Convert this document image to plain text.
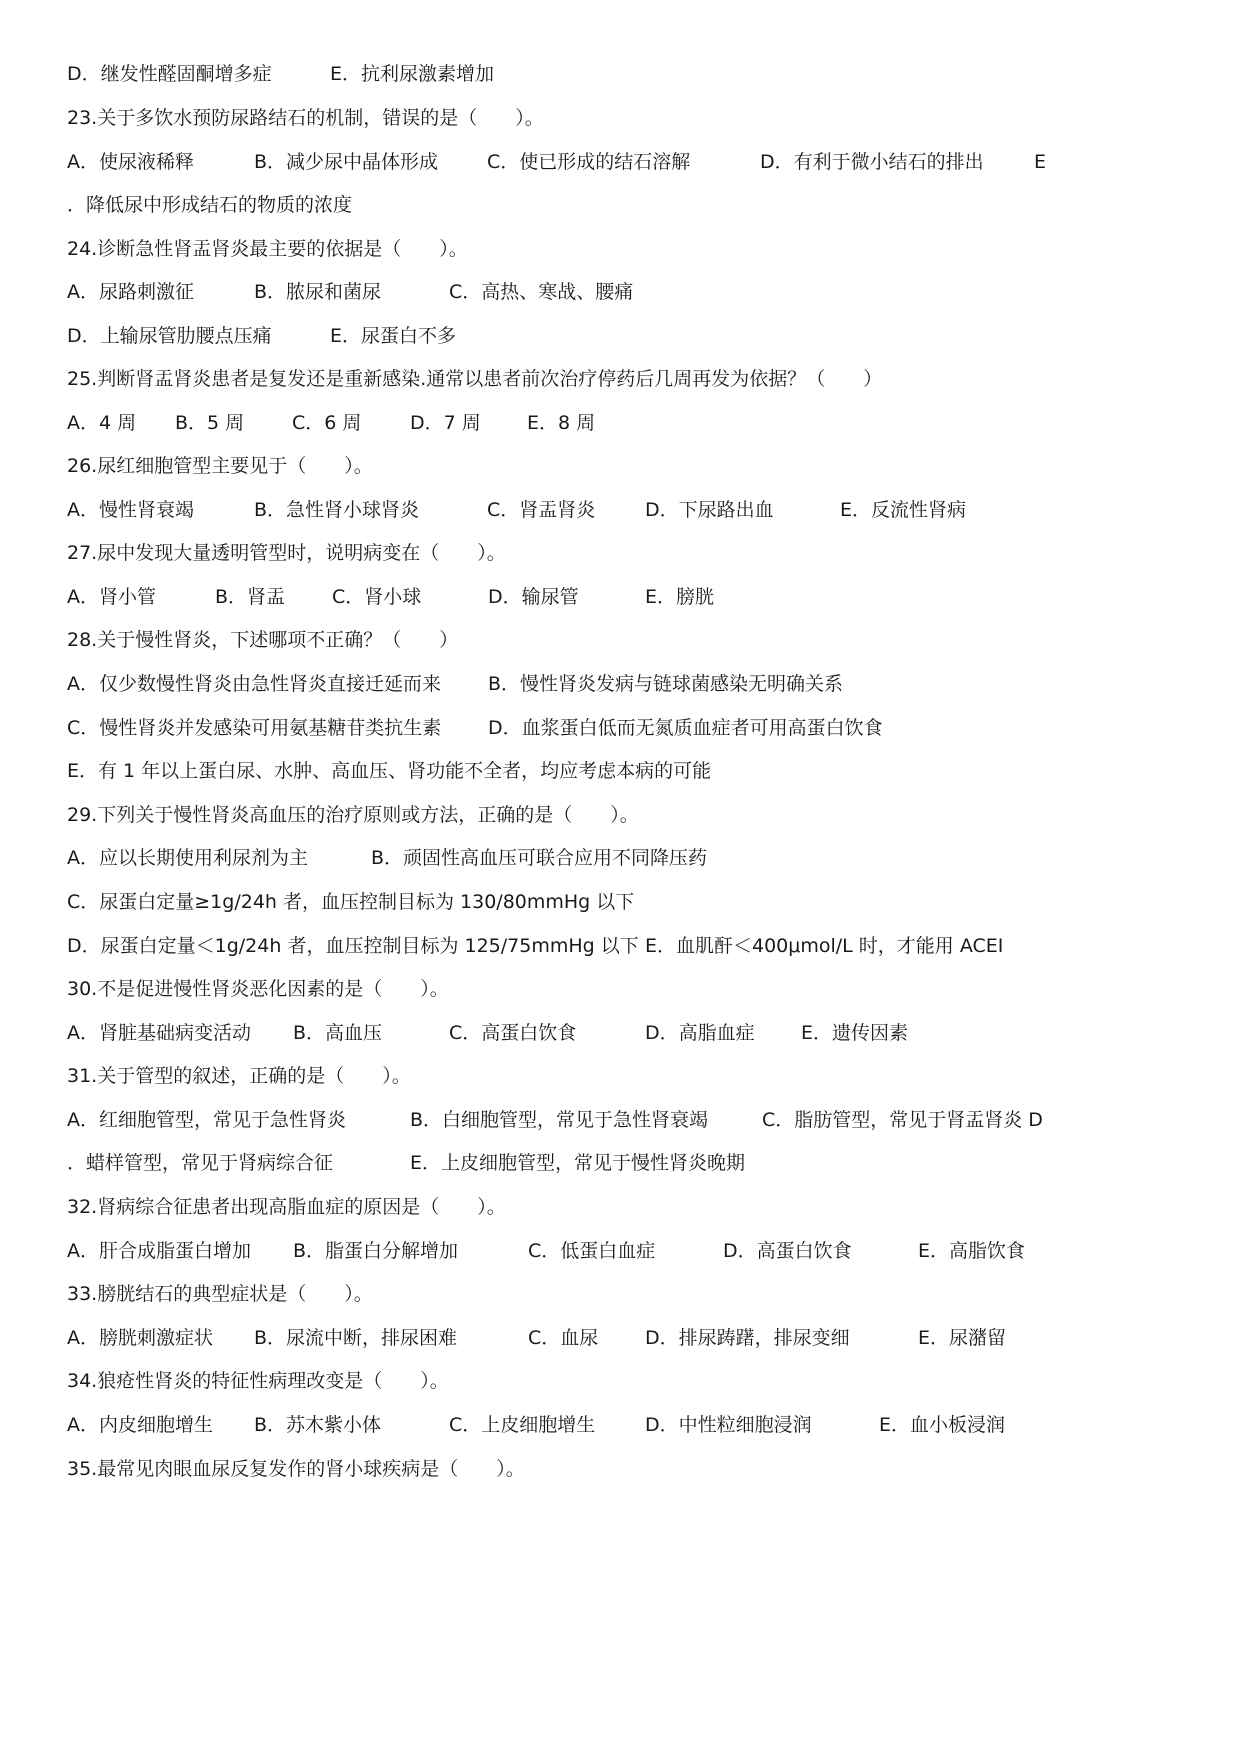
D．继发性醛固酮增多症	E．抗利尿激素增加
23.关于多饮水预防尿路结石的机制，错误的是（　　）。
A．使尿液稀释	B．减少尿中晶体形成	C．使已形成的结石溶解	D．有利于微小结石的排出	E
．降低尿中形成结石的物质的浓度
24.诊断急性肾盂肾炎最主要的依据是（　　）。
A．尿路刺激征	B．脓尿和菌尿	C．高热、寒战、腰痛
D．上输尿管肋腰点压痛	E．尿蛋白不多
25.判断肾盂肾炎患者是复发还是重新感染.通常以患者前次治疗停药后几周再发为依据？（　　）
A．4 周 B．5 周	C．6 周	D．7 周 E．8 周
26.尿红细胞管型主要见于（　　）。
A．慢性肾衰竭	B．急性肾小球肾炎	C．肾盂肾炎	D．下尿路出血	E．反流性肾病
27.尿中发现大量透明管型时，说明病变在（　　）。
A．肾小管	B．肾盂 C．肾小球	D．输尿管	E．膀胱
28.关于慢性肾炎，下述哪项不正确？（　　）
A．仅少数慢性肾炎由急性肾炎直接迁延而来 B．慢性肾炎发病与链球菌感染无明确关系
C．慢性肾炎并发感染可用氨基糖苷类抗生素 D．血浆蛋白低而无氮质血症者可用高蛋白饮食
E．有 1 年以上蛋白尿、水肿、高血压、肾功能不全者，均应考虑本病的可能
29.下列关于慢性肾炎高血压的治疗原则或方法，正确的是（　　）。
A．应以长期使用利尿剂为主	B．顽固性高血压可联合应用不同降压药
C．尿蛋白定量≥1g/24h 者，血压控制目标为 130/80mmHg 以下
D．尿蛋白定量＜1g/24h 者，血压控制目标为 125/75mmHg 以下 E．血肌酐＜400μmol/L 时，才能用 ACEI
30.不是促进慢性肾炎恶化因素的是（　　）。
A．肾脏基础病变活动 B．高血压	C．高蛋白饮食	D．高脂血症 E．遗传因素
31.关于管型的叙述，正确的是（　　）。
A．红细胞管型，常见于急性肾炎	B．白细胞管型，常见于急性肾衰竭	C．脂肪管型，常见于肾盂肾炎 D
．蜡样管型，常见于肾病综合征	E．上皮细胞管型，常见于慢性肾炎晚期
32.肾病综合征患者出现高脂血症的原因是（　　）。
A．肝合成脂蛋白增加 B．脂蛋白分解增加	C．低蛋白血症	D．高蛋白饮食	E．高脂饮食
33.膀胱结石的典型症状是（　　）。
A．膀胱刺激症状 B．尿流中断，排尿困难	C．血尿 D．排尿踌躇，排尿变细	E．尿潴留
34.狼疮性肾炎的特征性病理改变是（　　）。
A．内皮细胞增生 B．苏木紫小体	C．上皮细胞增生	D．中性粒细胞浸润	E．血小板浸润
35.最常见肉眼血尿反复发作的肾小球疾病是（　　）。
